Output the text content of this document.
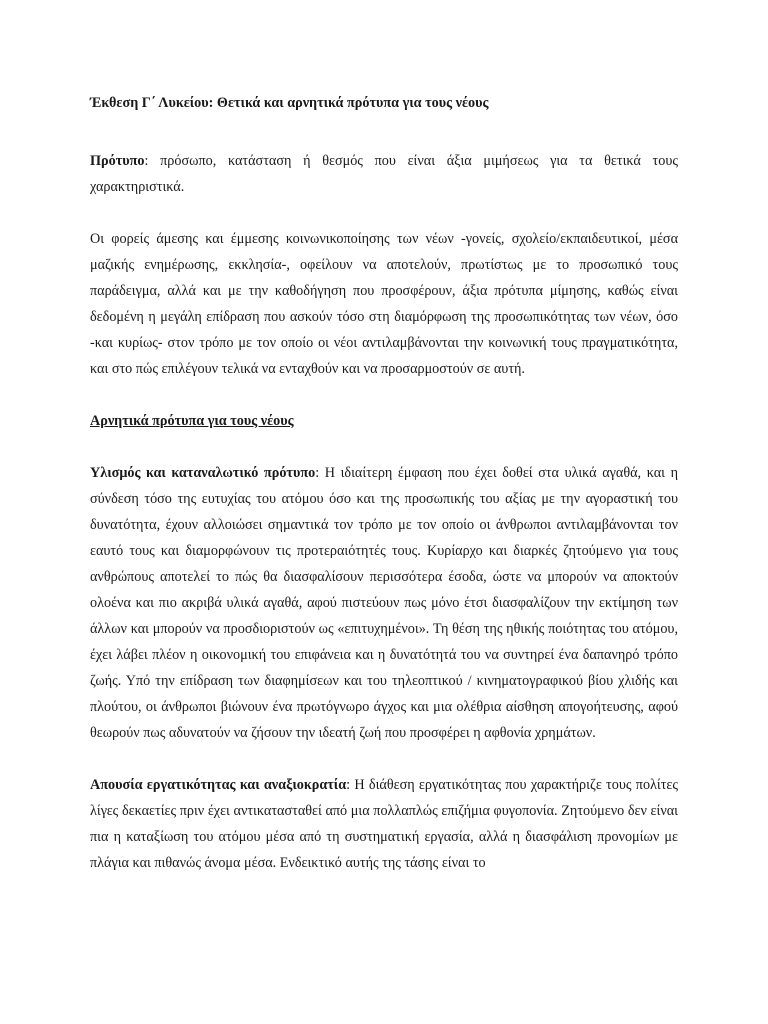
Έκθεση Γ΄ Λυκείου: Θετικά και αρνητικά πρότυπα για τους νέους

Πρότυπο: πρόσωπο, κατάσταση ή θεσμός που είναι άξια μιμήσεως για τα θετικά τους χαρακτηριστικά.

Οι φορείς άμεσης και έμμεσης κοινωνικοποίησης των νέων -γονείς, σχολείο/εκπαιδευτικοί, μέσα μαζικής ενημέρωσης, εκκλησία-, οφείλουν να αποτελούν, πρωτίστως με το προσωπικό τους παράδειγμα, αλλά και με την καθοδήγηση που προσφέρουν, άξια πρότυπα μίμησης, καθώς είναι δεδομένη η μεγάλη επίδραση που ασκούν τόσο στη διαμόρφωση της προσωπικότητας των νέων, όσο -και κυρίως- στον τρόπο με τον οποίο οι νέοι αντιλαμβάνονται την κοινωνική τους πραγματικότητα, και στο πώς επιλέγουν τελικά να ενταχθούν και να προσαρμοστούν σε αυτή.

Αρνητικά πρότυπα για τους νέους

Υλισμός και καταναλωτικό πρότυπο: Η ιδιαίτερη έμφαση που έχει δοθεί στα υλικά αγαθά, και η σύνδεση τόσο της ευτυχίας του ατόμου όσο και της προσωπικής του αξίας με την αγοραστική του δυνατότητα, έχουν αλλοιώσει σημαντικά τον τρόπο με τον οποίο οι άνθρωποι αντιλαμβάνονται τον εαυτό τους και διαμορφώνουν τις προτεραιότητές τους. Κυρίαρχο και διαρκές ζητούμενο για τους ανθρώπους αποτελεί το πώς θα διασφαλίσουν περισσότερα έσοδα, ώστε να μπορούν να αποκτούν ολοένα και πιο ακριβά υλικά αγαθά, αφού πιστεύουν πως μόνο έτσι διασφαλίζουν την εκτίμηση των άλλων και μπορούν να προσδιοριστούν ως «επιτυχημένοι». Τη θέση της ηθικής ποιότητας του ατόμου, έχει λάβει πλέον η οικονομική του επιφάνεια και η δυνατότητά του να συντηρεί ένα δαπανηρό τρόπο ζωής. Υπό την επίδραση των διαφημίσεων και του τηλεοπτικού / κινηματογραφικού βίου χλιδής και πλούτου, οι άνθρωποι βιώνουν ένα πρωτόγνωρο άγχος και μια ολέθρια αίσθηση απογοήτευσης, αφού θεωρούν πως αδυνατούν να ζήσουν την ιδεατή ζωή που προσφέρει η αφθονία χρημάτων.

Απουσία εργατικότητας και αναξιοκρατία: Η διάθεση εργατικότητας που χαρακτήριζε τους πολίτες λίγες δεκαετίες πριν έχει αντικατασταθεί από μια πολλαπλώς επιζήμια φυγοπονία. Ζητούμενο δεν είναι πια η καταξίωση του ατόμου μέσα από τη συστηματική εργασία, αλλά η διασφάλιση προνομίων με πλάγια και πιθανώς άνομα μέσα. Ενδεικτικό αυτής της τάσης είναι το
